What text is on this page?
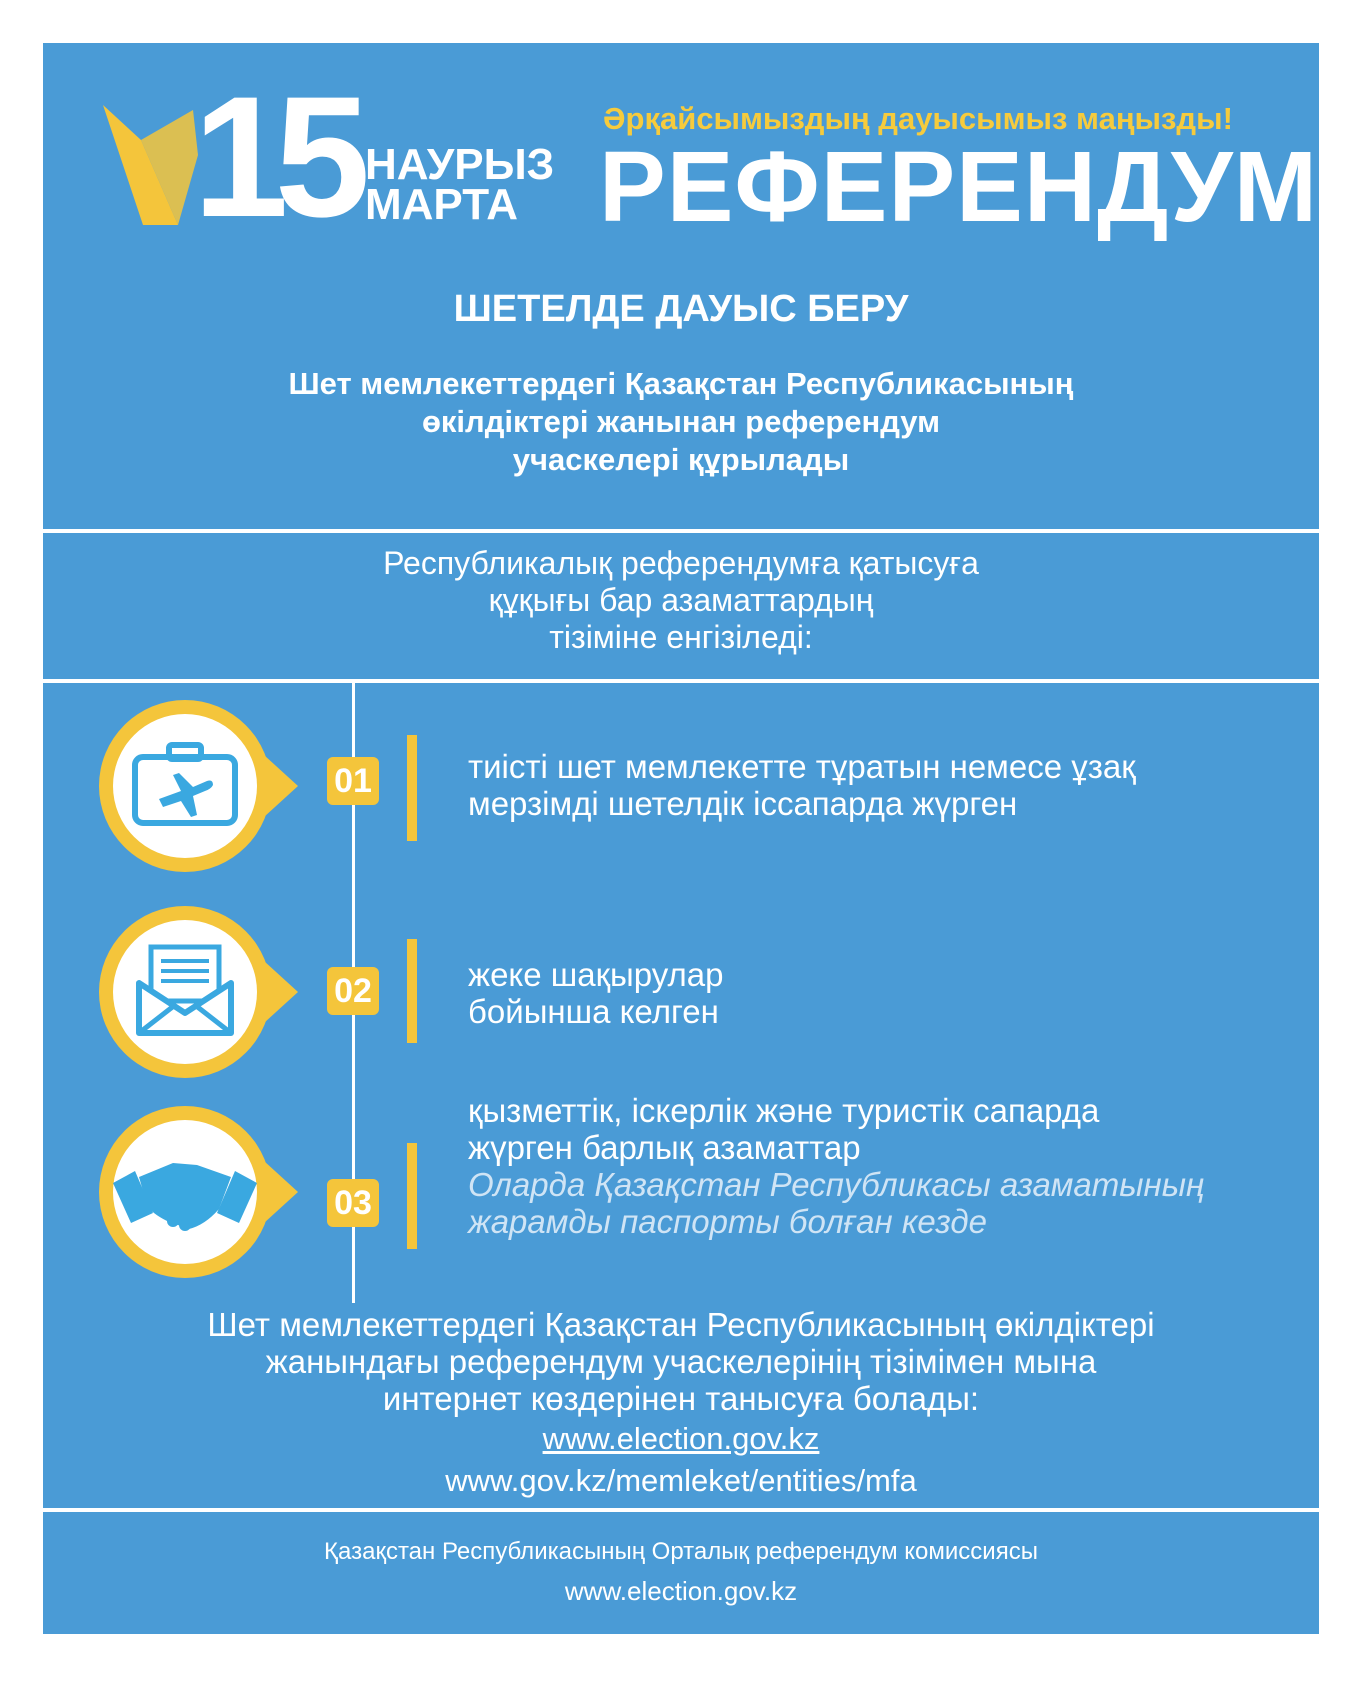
15 НАУРЫЗ
МАРТА
Әрқайсымыздың дауысымыз маңызды!
РЕФЕРЕНДУМ
ШЕТЕЛДЕ ДАУЫС БЕРУ
Шет мемлекеттердегі Қазақстан Республикасының
өкілдіктері жанынан референдум
учаскелері құрылады
Республикалық референдумға қатысуға
құқығы бар азаматтардың
тізіміне енгізіледі:
01	тиісті шет мемлекетте тұратын немесе ұзақ
мерзімді шетелдік іссапарда жүрген
02	жеке шақырулар
бойынша келген
03
қызметтік, іскерлік және туристік сапарда
жүрген барлық азаматтар
Оларда Қазақстан Республикасы азаматының
жарамды паспорты болған кезде
Шет мемлекеттердегі Қазақстан Республикасының өкілдіктері
жанындағы референдум учаскелерінің тізімімен мына
интернет көздерінен танысуға болады:
www.election.gov.kz
www.gov.kz/memleket/entities/mfa
Қазақстан Республикасының Орталық референдум комиссиясы
www.election.gov.kz
